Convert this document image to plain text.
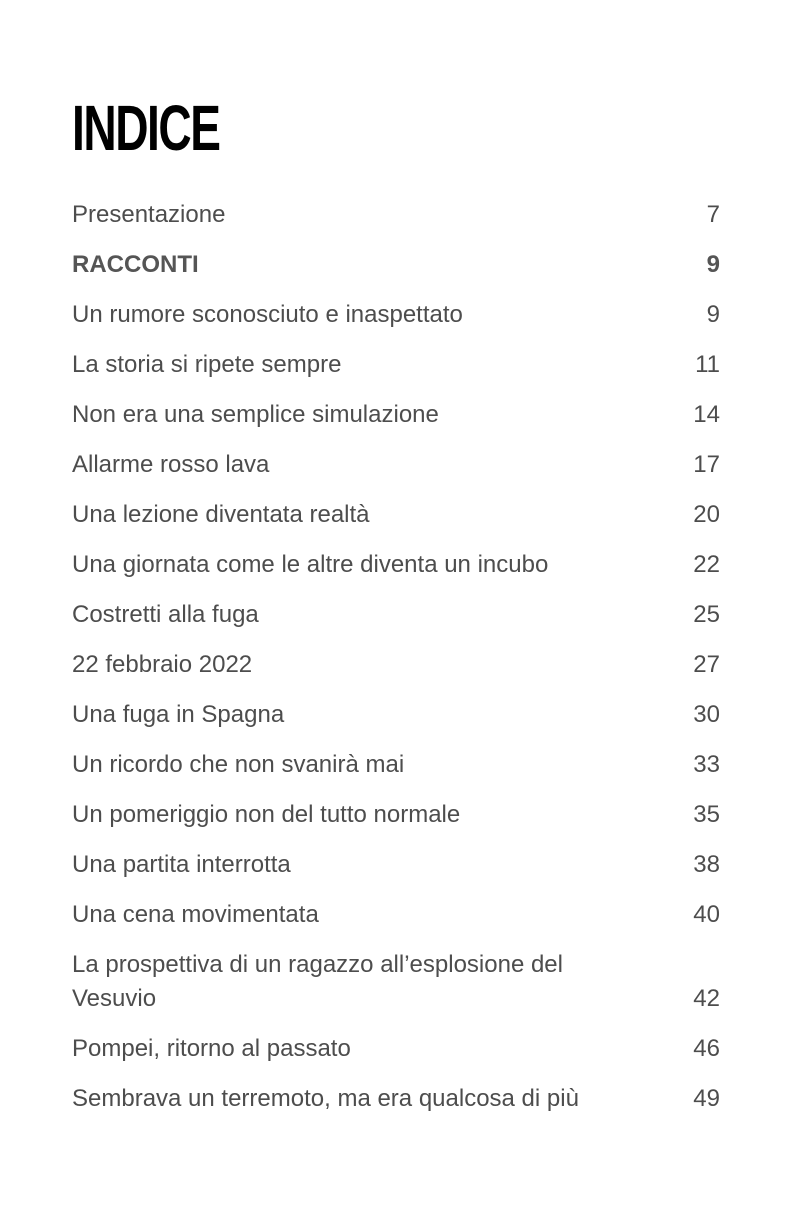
INDICE
Presentazione	7
RACCONTI	9
Un rumore sconosciuto e inaspettato	9
La storia si ripete sempre	11
Non era una semplice simulazione	14
Allarme rosso lava	17
Una lezione diventata realtà	20
Una giornata come le altre diventa un incubo	22
Costretti alla fuga	25
22 febbraio 2022	27
Una fuga in Spagna	30
Un ricordo che non svanirà mai	33
Un pomeriggio non del tutto normale	35
Una partita interrotta	38
Una cena movimentata	40
La prospettiva di un ragazzo all’esplosione del Vesuvio	42
Pompei, ritorno al passato	46
Sembrava un terremoto, ma era qualcosa di più	49
